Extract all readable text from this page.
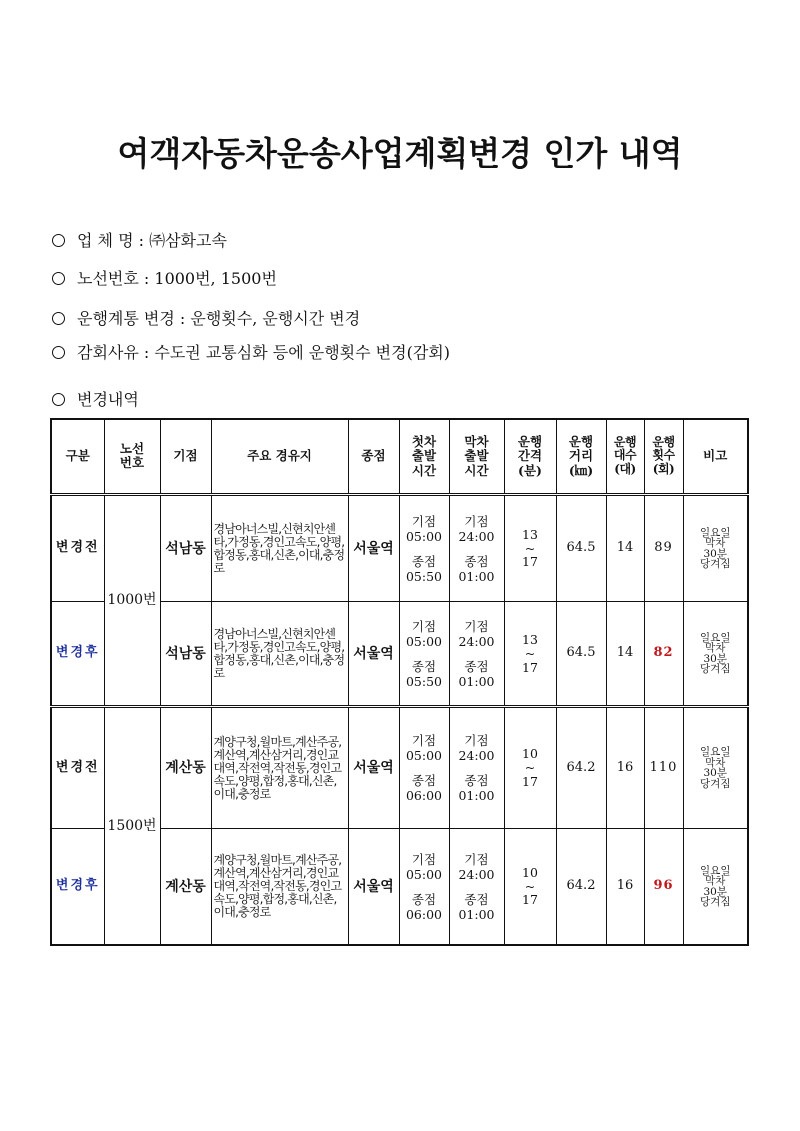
여객자동차운송사업계획변경 인가 내역
업 체 명 : ㈜삼화고속
노선번호 : 1000번, 1500번
운행계통 변경 : 운행횟수, 운행시간 변경
감회사유 : 수도권 교통심화 등에 운행횟수 변경(감회)
변경내역
구분	노선
번호	기점	주요 경유지	종점	첫차
출발
시간	막차
출발
시간	운행
간격
(분)	운행
거리
(㎞)	운행
대수
(대)	운행
횟수
(회)	비고
변경전	1000번	석남동	경남아너스빌,신현치안센타,가정동,경인고속도,양평,합정동,홍대,신촌,이대,충정로	서울역	기점
05:00
종점
05:50	기점
24:00
종점
01:00	13
~
17	64.5	14	89	일요일
막차
30분
당겨짐
변경후		석남동	경남아너스빌,신현치안센타,가정동,경인고속도,양평,합정동,홍대,신촌,이대,충정로	서울역	기점
05:00
종점
05:50	기점
24:00
종점
01:00	13
~
17	64.5	14	82	일요일
막차
30분
당겨짐
변경전	1500번	계산동	계양구청,월마트,계산주공,계산역,계산삼거리,경인교대역,작전역,작전동,경인고속도,양평,합정,홍대,신촌,이대,충정로	서울역	기점
05:00
종점
06:00	기점
24:00
종점
01:00	10
~
17	64.2	16	110	일요일
막차
30분
당겨짐
변경후		계산동	계양구청,월마트,계산주공,계산역,계산삼거리,경인교대역,작전역,작전동,경인고속도,양평,합정,홍대,신촌,이대,충정로	서울역	기점
05:00
종점
06:00	기점
24:00
종점
01:00	10
~
17	64.2	16	96	일요일
막차
30분
당겨짐
